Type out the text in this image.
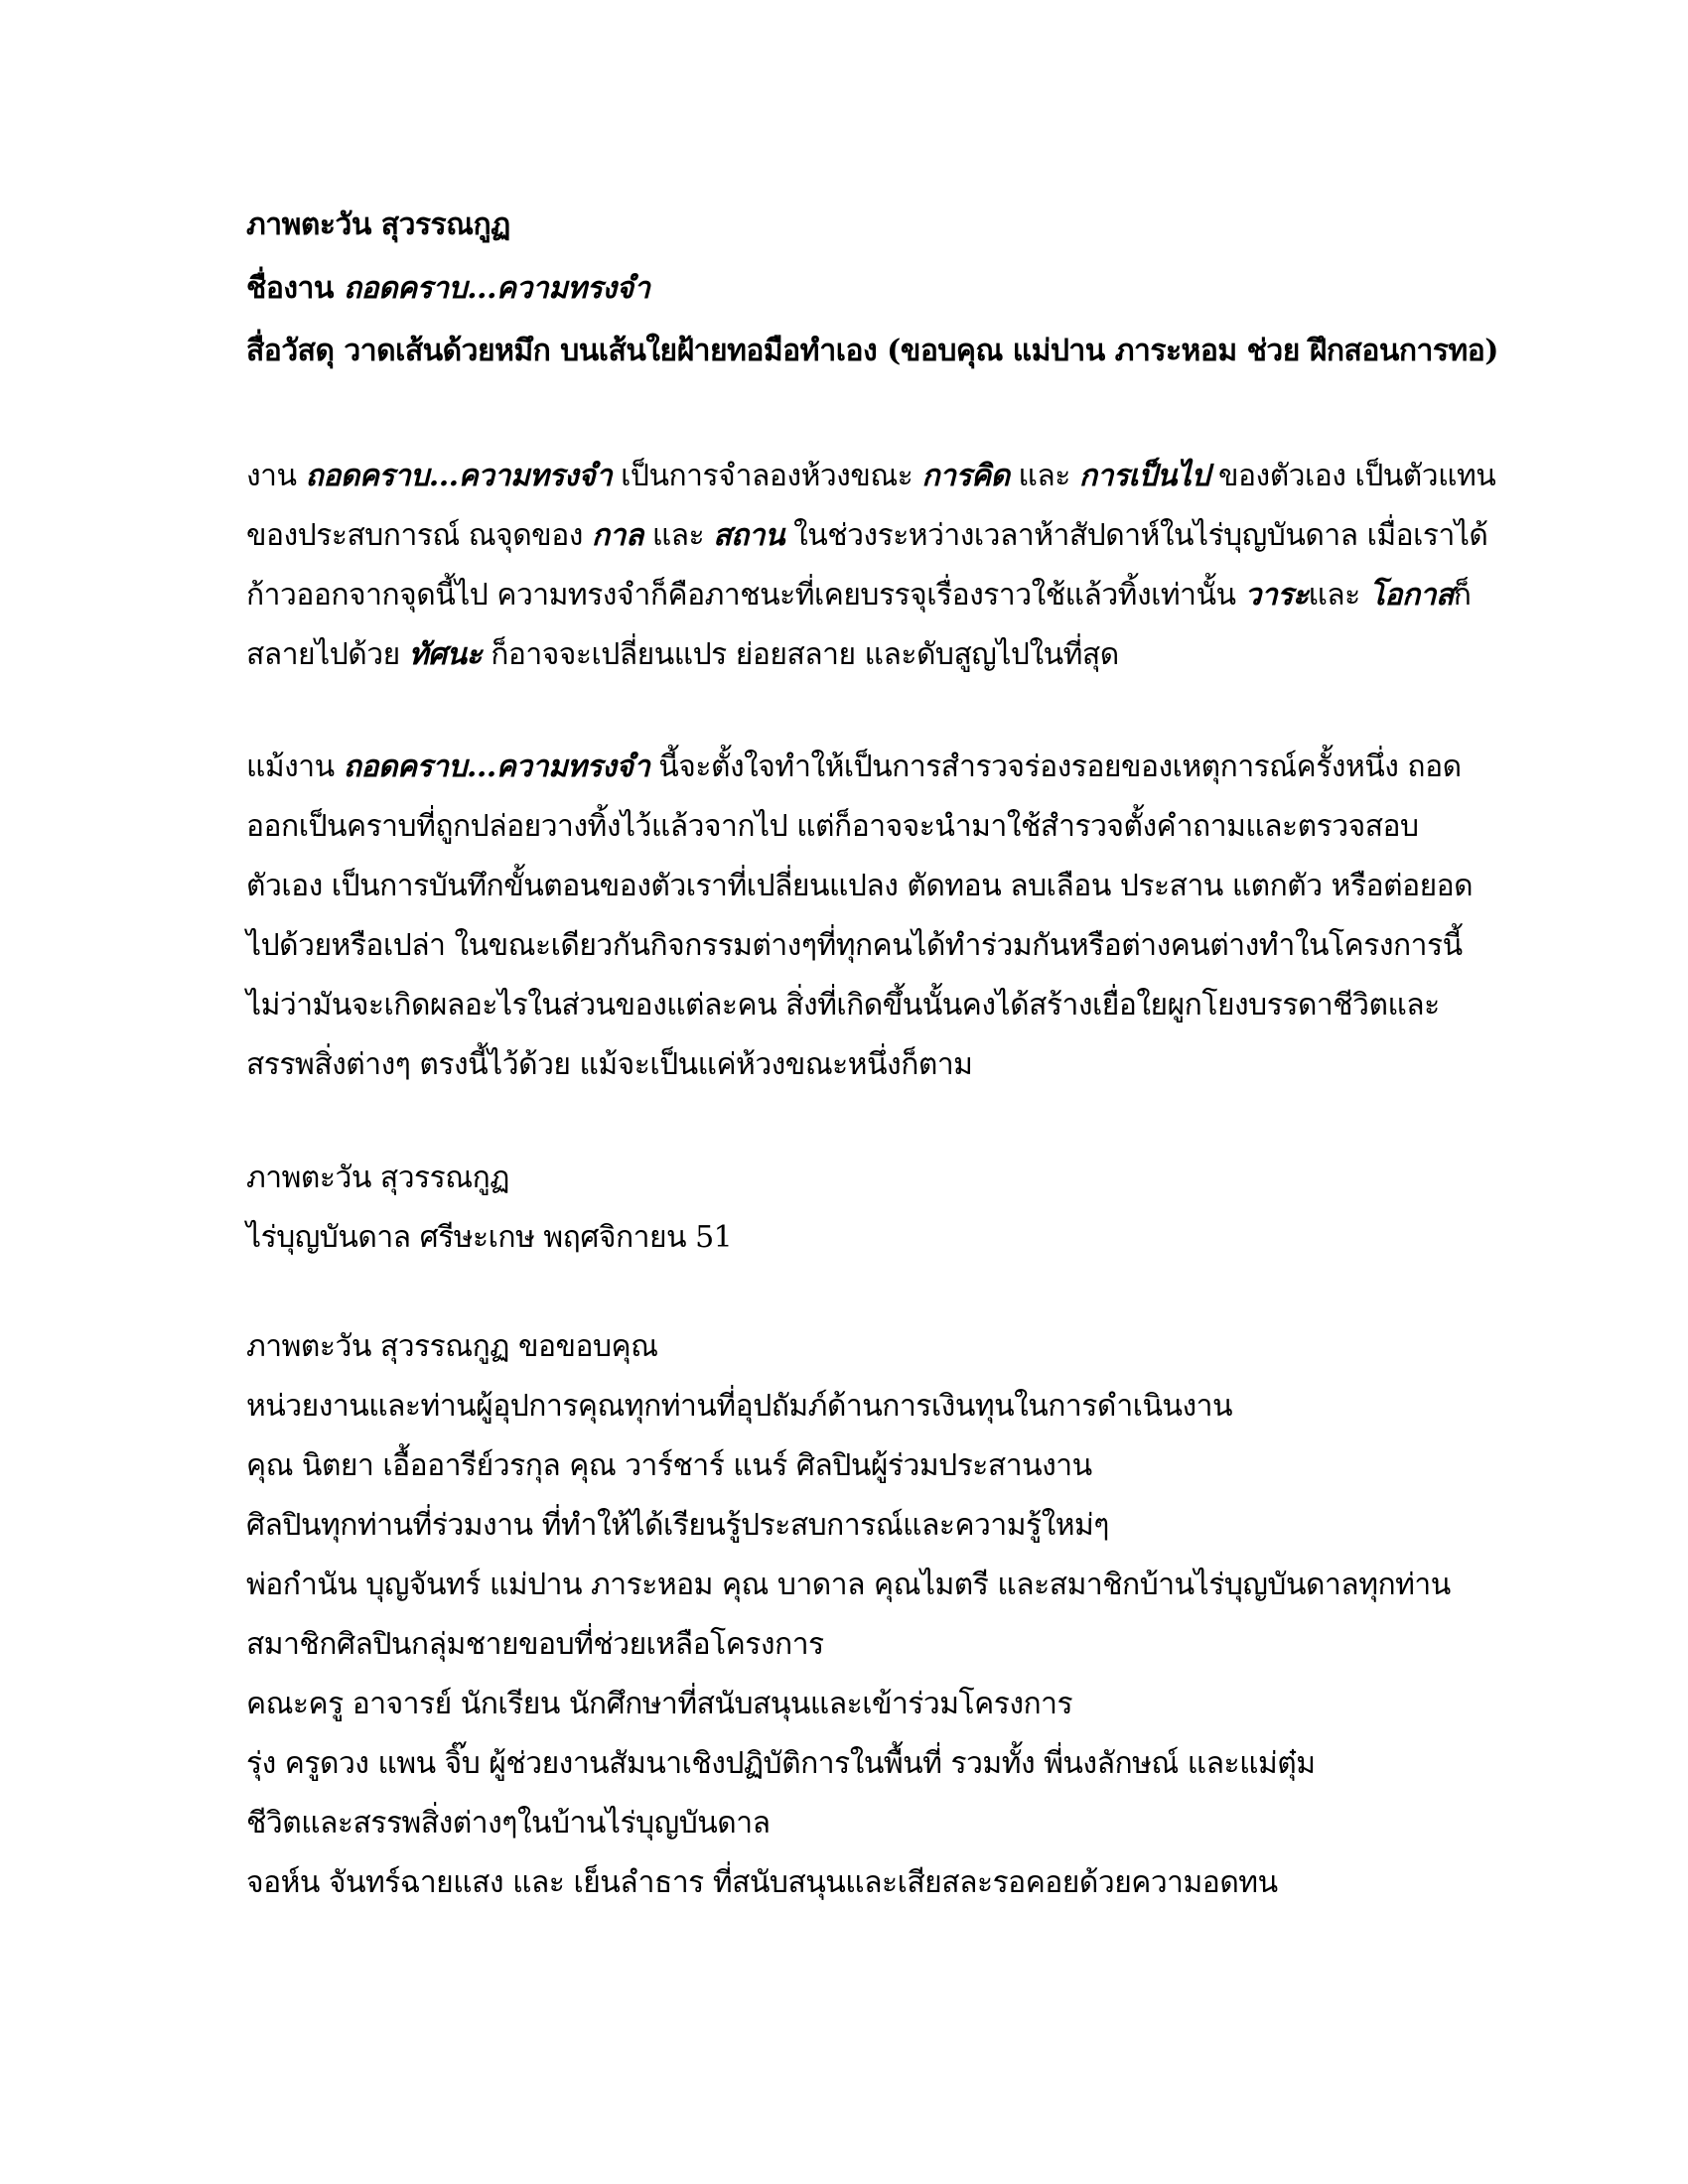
ภาพตะวัน สุวรรณกูฏ
ชื่องาน ถอดคราบ...ความทรงจำ
สื่อวัสดุ วาดเส้นด้วยหมึก บนเส้นใยฝ้ายทอมือทำเอง (ขอบคุณ แม่ปาน ภาระหอม ช่วย ฝึกสอนการทอ)
งาน ถอดคราบ...ความทรงจำ เป็นการจำลองห้วงขณะ การคิด และ การเป็นไป ของตัวเอง เป็นตัวแทน
ของประสบการณ์ ณจุดของ กาล และ สถาน ในช่วงระหว่างเวลาห้าสัปดาห์ในไร่บุญบันดาล เมื่อเราได้
ก้าวออกจากจุดนี้ไป ความทรงจำก็คือภาชนะที่เคยบรรจุเรื่องราวใช้แล้วทิ้งเท่านั้น วาระและ โอกาสก็
สลายไปด้วย ทัศนะ ก็อาจจะเปลี่ยนแปร ย่อยสลาย และดับสูญไปในที่สุด
แม้งาน ถอดคราบ...ความทรงจำ นี้จะตั้งใจทำให้เป็นการสำรวจร่องรอยของเหตุการณ์ครั้งหนึ่ง ถอด
ออกเป็นคราบที่ถูกปล่อยวางทิ้งไว้แล้วจากไป แต่ก็อาจจะนำมาใช้สำรวจตั้งคำถามและตรวจสอบ
ตัวเอง เป็นการบันทึกขั้นตอนของตัวเราที่เปลี่ยนแปลง ตัดทอน ลบเลือน ประสาน แตกตัว หรือต่อยอด
ไปด้วยหรือเปล่า ในขณะเดียวกันกิจกรรมต่างๆที่ทุกคนได้ทำร่วมกันหรือต่างคนต่างทำในโครงการนี้
ไม่ว่ามันจะเกิดผลอะไรในส่วนของแต่ละคน สิ่งที่เกิดขึ้นนั้นคงได้สร้างเยื่อใยผูกโยงบรรดาชีวิตและ
สรรพสิ่งต่างๆ ตรงนี้ไว้ด้วย แม้จะเป็นแค่ห้วงขณะหนึ่งก็ตาม
ภาพตะวัน สุวรรณกูฏ
ไร่บุญบันดาล ศรีษะเกษ พฤศจิกายน 51
ภาพตะวัน สุวรรณกูฏ ขอขอบคุณ
หน่วยงานและท่านผู้อุปการคุณทุกท่านที่อุปถัมภ์ด้านการเงินทุนในการดำเนินงาน
คุณ นิตยา เอื้ออารีย์วรกุล คุณ วาร์ชาร์ แนร์ ศิลปินผู้ร่วมประสานงาน
ศิลปินทุกท่านที่ร่วมงาน ที่ทำให้ได้เรียนรู้ประสบการณ์และความรู้ใหม่ๆ
พ่อกำนัน บุญจันทร์ แม่ปาน ภาระหอม คุณ บาดาล คุณไมตรี และสมาชิกบ้านไร่บุญบันดาลทุกท่าน
สมาชิกศิลปินกลุ่มชายขอบที่ช่วยเหลือโครงการ
คณะครู อาจารย์ นักเรียน นักศึกษาที่สนับสนุนและเข้าร่วมโครงการ
รุ่ง ครูดวง แพน จิ๊บ ผู้ช่วยงานสัมนาเชิงปฏิบัติการในพื้นที่ รวมทั้ง พี่นงลักษณ์ และแม่ตุ๋ม
ชีวิตและสรรพสิ่งต่างๆในบ้านไร่บุญบันดาล
จอห์น จันทร์ฉายแสง และ เย็นลำธาร ที่สนับสนุนและเสียสละรอคอยด้วยความอดทน
